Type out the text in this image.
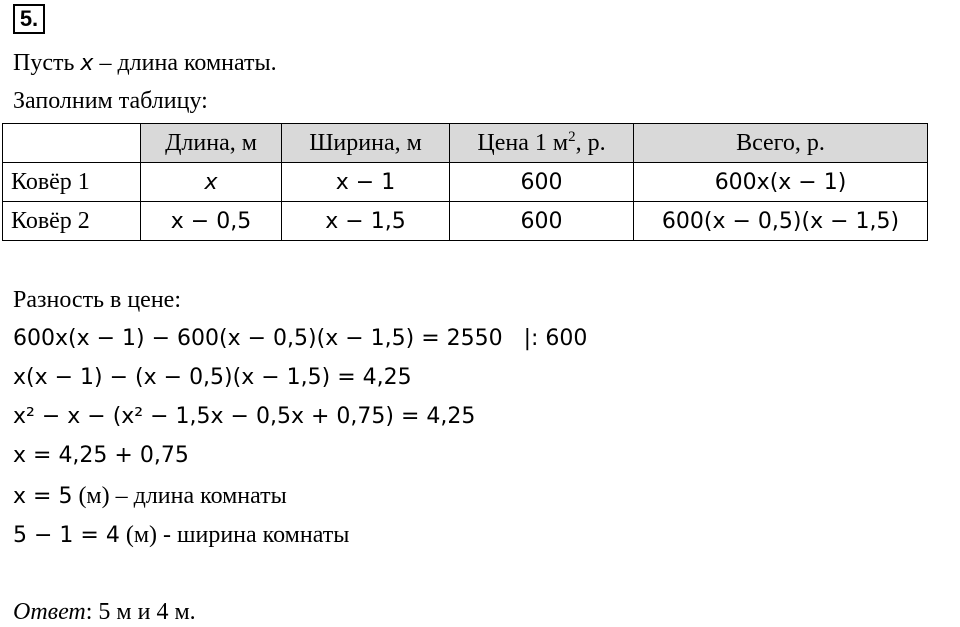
5.
Пусть x – длина комнаты.
Заполним таблицу:
	Длина, м	Ширина, м	Цена 1 $м^2$, р.	Всего, р.
Ковёр 1	x	x − 1	600	600x(x − 1)
Ковёр 2	x − 0,5	x − 1,5	600	600(x − 0,5)(x − 1,5)
Разность в цене:
600x(x − 1) − 600(x − 0,5)(x − 1,5) = 2550   |: 600
x(x − 1) − (x − 0,5)(x − 1,5) = 4,25
x² − x − (x² − 1,5x − 0,5x + 0,75) = 4,25
x = 4,25 + 0,75
x = 5 (м) – длина комнаты
5 − 1 = 4 (м) - ширина комнаты
Ответ: 5 м и 4 м.
